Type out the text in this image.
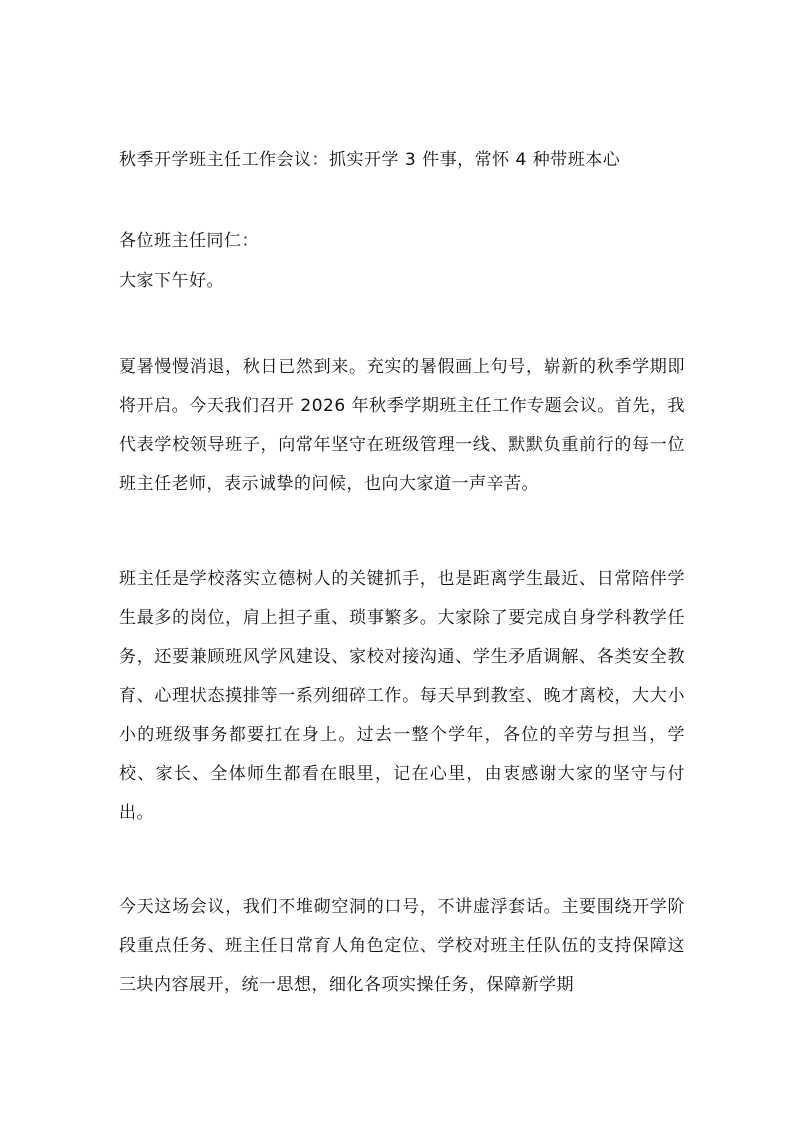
秋季开学班主任工作会议：抓实开学 3 件事，常怀 4 种带班本心
各位班主任同仁：
大家下午好。

夏暑慢慢消退，秋日已然到来。充实的暑假画上句号，崭新的秋季学期即将开启。今天我们召开 2026 年秋季学期班主任工作专题会议。首先，我代表学校领导班子，向常年坚守在班级管理一线、默默负重前行的每一位班主任老师，表示诚挚的问候，也向大家道一声辛苦。

班主任是学校落实立德树人的关键抓手，也是距离学生最近、日常陪伴学生最多的岗位，肩上担子重、琐事繁多。大家除了要完成自身学科教学任务，还要兼顾班风学风建设、家校对接沟通、学生矛盾调解、各类安全教育、心理状态摸排等一系列细碎工作。每天早到教室、晚才离校，大大小小的班级事务都要扛在身上。过去一整个学年，各位的辛劳与担当，学校、家长、全体师生都看在眼里，记在心里，由衷感谢大家的坚守与付出。

今天这场会议，我们不堆砌空洞的口号，不讲虚浮套话。主要围绕开学阶段重点任务、班主任日常育人角色定位、学校对班主任队伍的支持保障这三块内容展开，统一思想，细化各项实操任务，保障新学期
